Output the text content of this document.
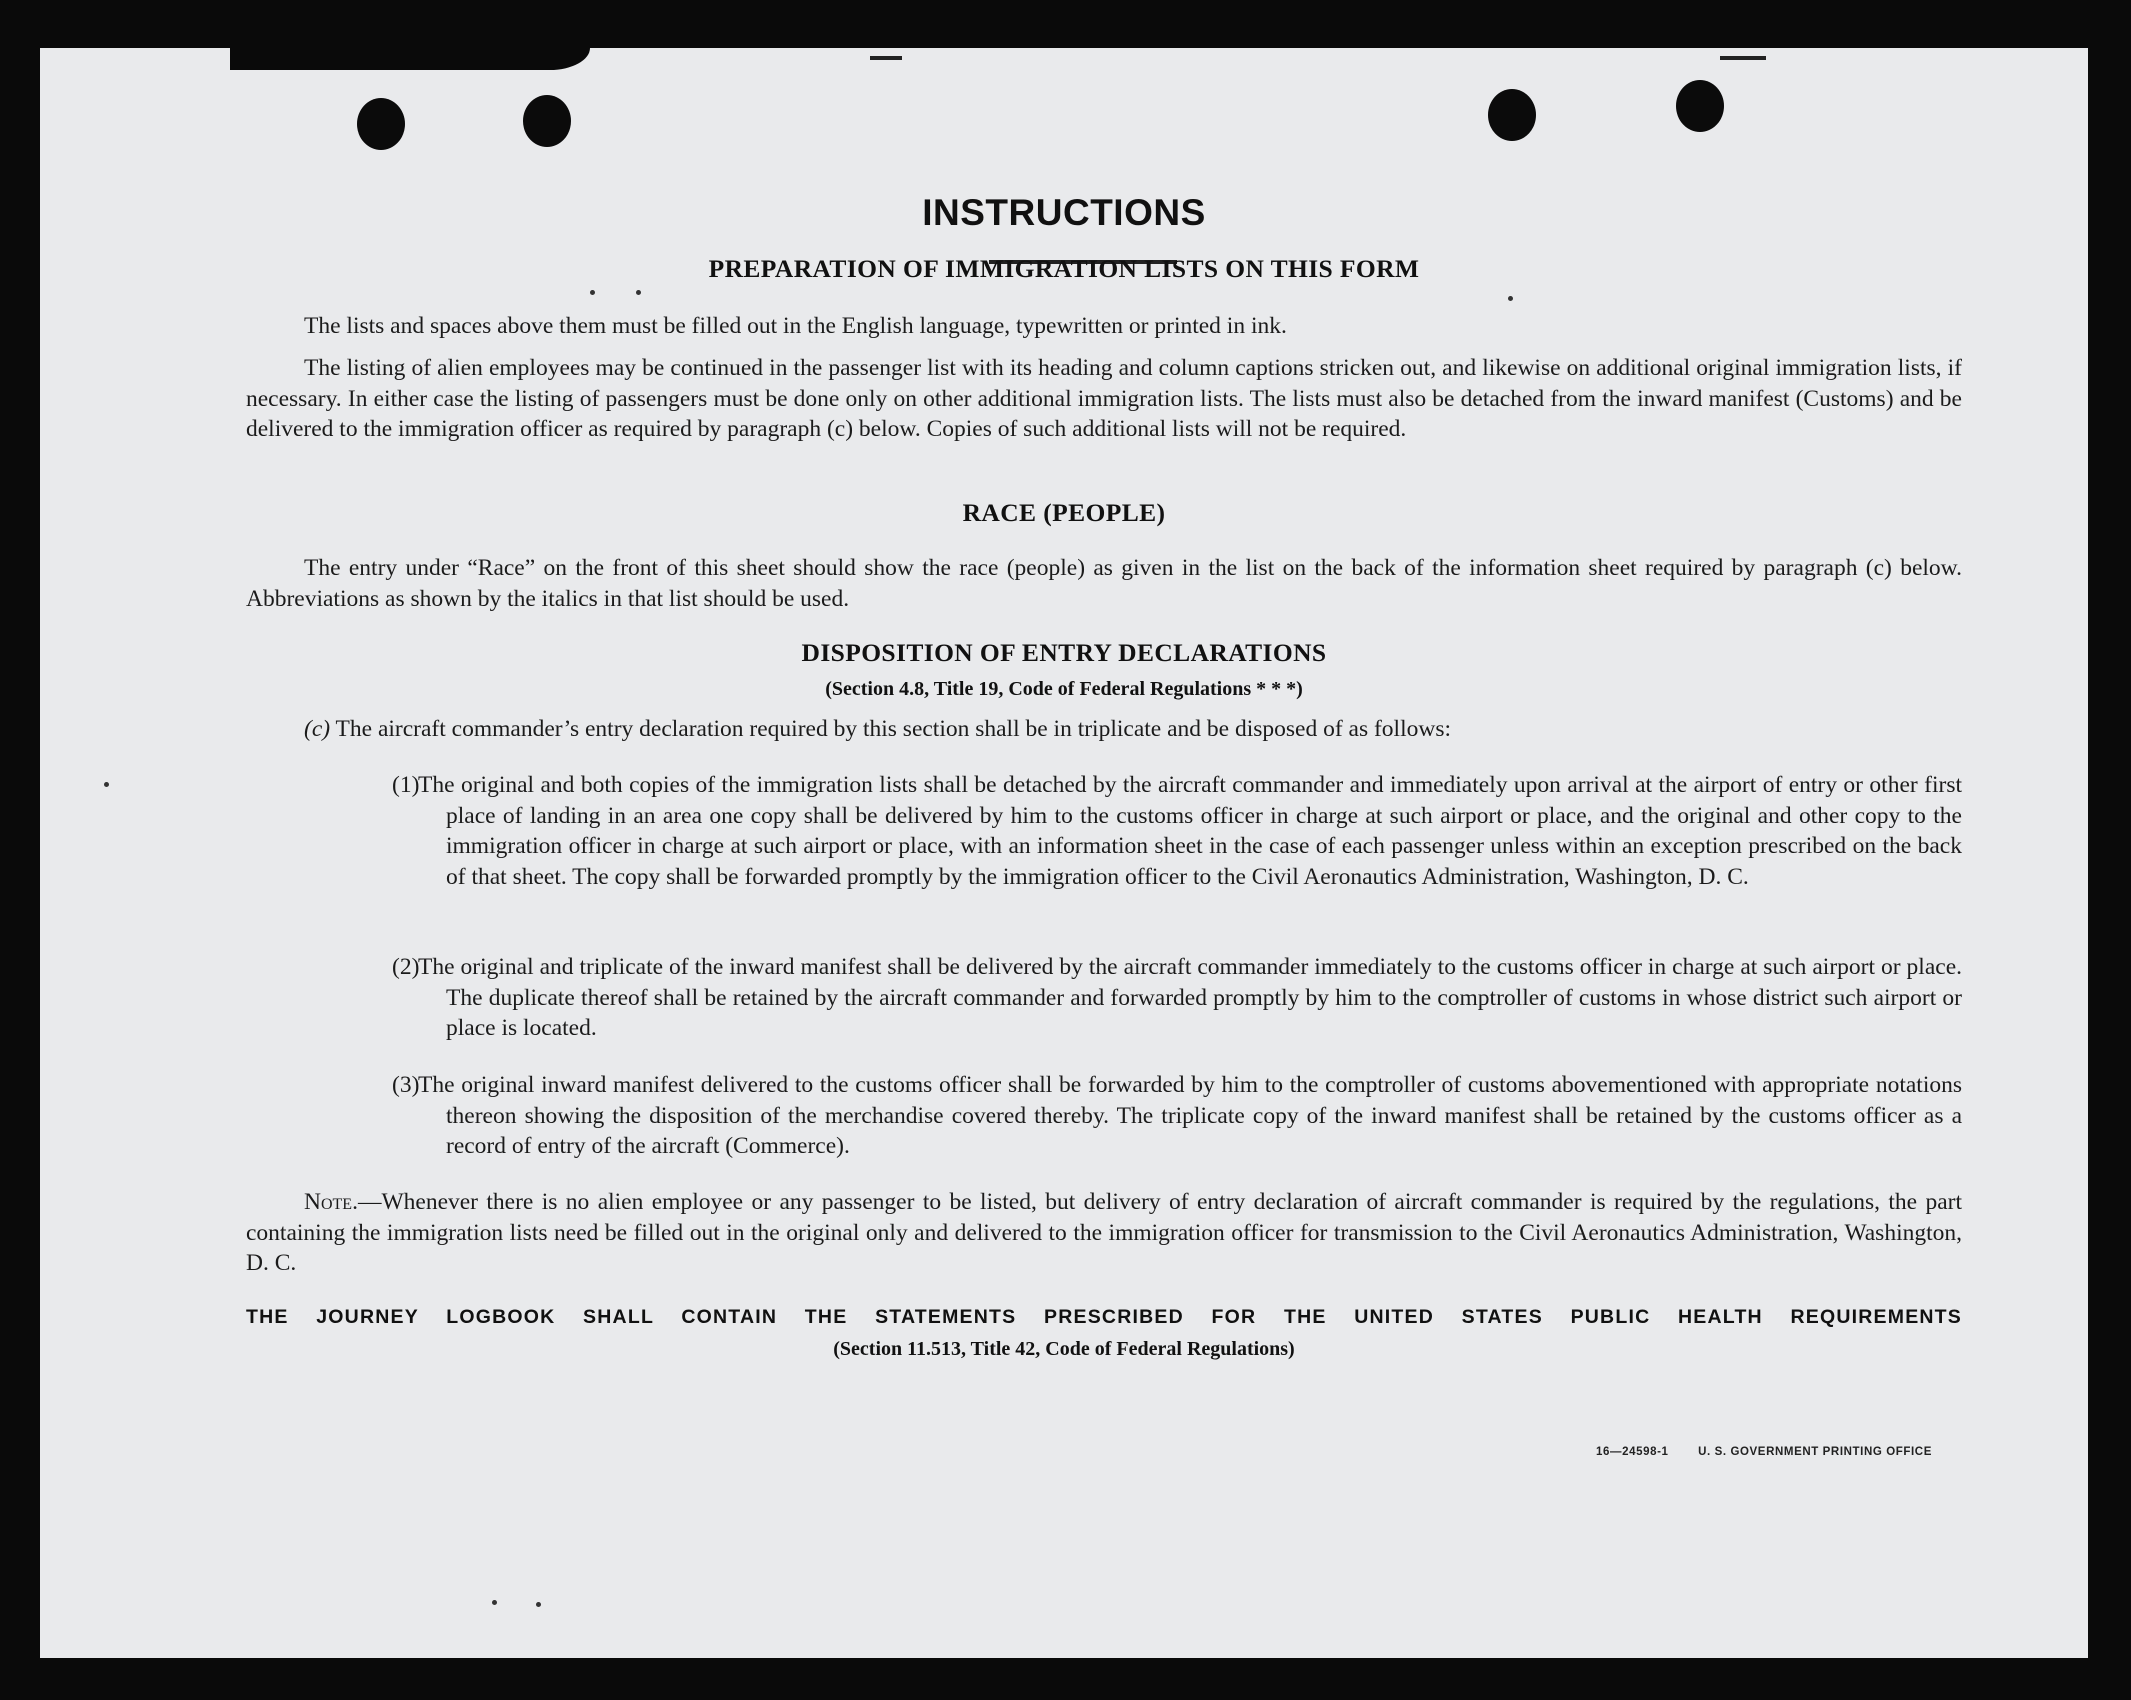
INSTRUCTIONS
PREPARATION OF IMMIGRATION LISTS ON THIS FORM
The lists and spaces above them must be filled out in the English language, typewritten or printed in ink.
The listing of alien employees may be continued in the passenger list with its heading and column captions stricken out, and likewise on additional original immigration lists, if necessary. In either case the listing of passengers must be done only on other additional immigration lists. The lists must also be detached from the inward manifest (Customs) and be delivered to the immigration officer as required by paragraph (c) below. Copies of such additional lists will not be required.
RACE (PEOPLE)
The entry under “Race” on the front of this sheet should show the race (people) as given in the list on the back of the information sheet required by paragraph (c) below. Abbreviations as shown by the italics in that list should be used.
DISPOSITION OF ENTRY DECLARATIONS
(Section 4.8, Title 19, Code of Federal Regulations * * *)
(c) The aircraft commander’s entry declaration required by this section shall be in triplicate and be disposed of as follows:
(1)
The original and both copies of the immigration lists shall be detached by the aircraft commander and immediately upon arrival at the airport of entry or other first place of landing in an area one copy shall be delivered by him to the customs officer in charge at such airport or place, and the original and other copy to the immigration officer in charge at such airport or place, with an information sheet in the case of each passenger unless within an exception prescribed on the back of that sheet. The copy shall be forwarded promptly by the immigration officer to the Civil Aeronautics Administration, Washington, D. C.
(2)
The original and triplicate of the inward manifest shall be delivered by the aircraft commander immediately to the customs officer in charge at such airport or place. The duplicate thereof shall be retained by the aircraft commander and forwarded promptly by him to the comptroller of customs in whose district such airport or place is located.
(3)
The original inward manifest delivered to the customs officer shall be forwarded by him to the comptroller of customs abovementioned with appropriate notations thereon showing the disposition of the merchandise covered thereby. The triplicate copy of the inward manifest shall be retained by the customs officer as a record of entry of the aircraft (Commerce).
Note.—Whenever there is no alien employee or any passenger to be listed, but delivery of entry declaration of aircraft commander is required by the regulations, the part containing the immigration lists need be filled out in the original only and delivered to the immigration officer for transmission to the Civil Aeronautics Administration, Washington, D. C.
THE JOURNEY LOGBOOK SHALL CONTAIN THE STATEMENTS PRESCRIBED FOR THE UNITED STATES PUBLIC HEALTH REQUIREMENTS
(Section 11.513, Title 42, Code of Federal Regulations)
16—24598-1	U. S. GOVERNMENT PRINTING OFFICE
